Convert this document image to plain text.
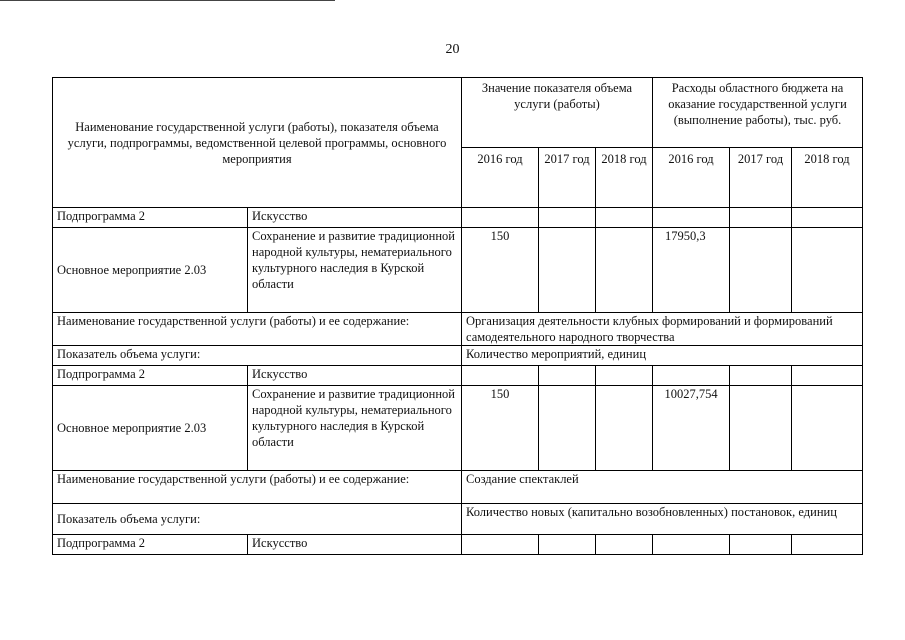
20
Наименование государственной услуги (работы), показателя объема услуги, подпрограммы, ведомственной целевой программы, основного мероприятия		Значение показателя объема услуги (работы)			Расходы областного бюджета на оказание государственной услуги (выполнение работы), тыс. руб.		
		2016 год	2017 год	2018 год	2016 год	2017 год	2018 год
Подпрограмма 2	Искусство						
Основное мероприятие 2.03	Сохранение и развитие традиционной народной культуры, нематериального культурного наследия в Курской области	150			17950,3		
Наименование государственной услуги (работы) и ее содержание:		Организация деятельности клубных формирований и формирований самодеятельного народного творчества					
Показатель объема услуги:		Количество мероприятий, единиц					
Подпрограмма 2	Искусство						
Основное мероприятие 2.03	Сохранение и развитие традиционной народной культуры, нематериального культурного наследия в Курской области	150			10027,754		
Наименование государственной услуги (работы) и ее содержание:		Создание спектаклей					
Показатель объема услуги:		Количество новых (капитально возобновленных) постановок, единиц					
Подпрограмма 2	Искусство						
